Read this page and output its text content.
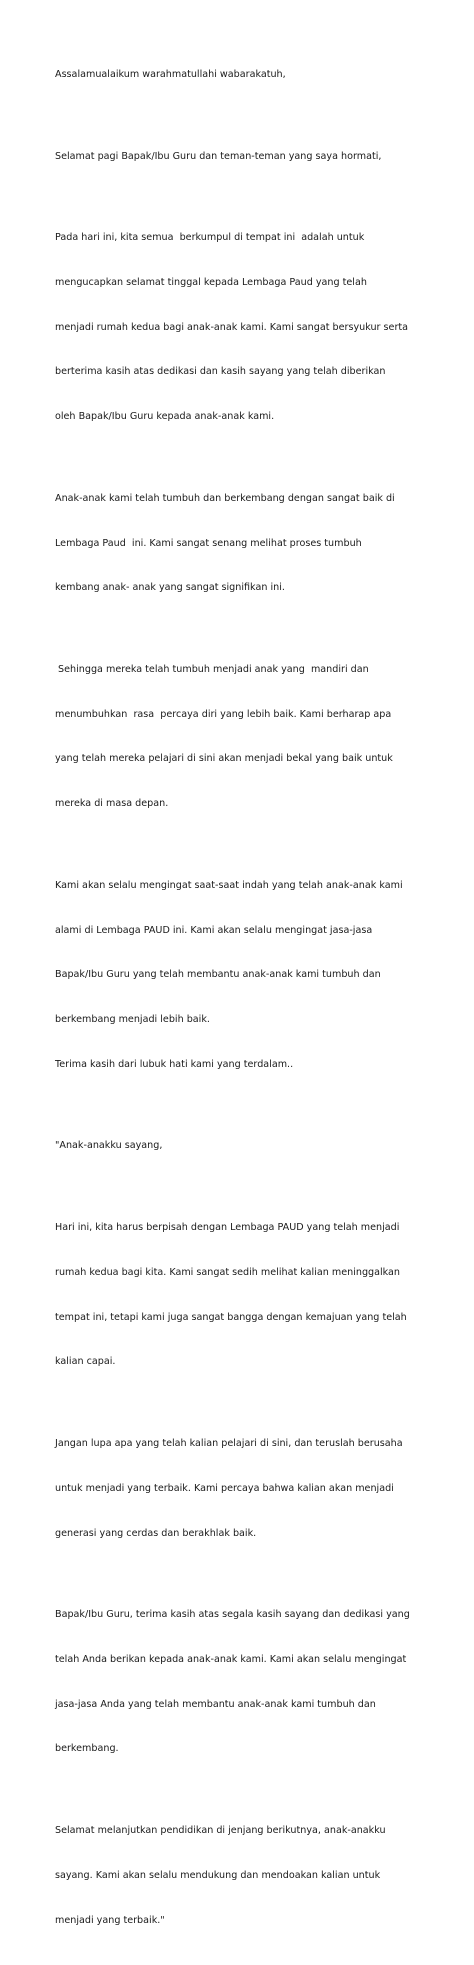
Assalamualaikum warahmatullahi wabarakatuh,

Selamat pagi Bapak/Ibu Guru dan teman-teman yang saya hormati,

Pada hari ini, kita semua  berkumpul di tempat ini  adalah untuk

mengucapkan selamat tinggal kepada Lembaga Paud yang telah

menjadi rumah kedua bagi anak-anak kami. Kami sangat bersyukur serta

berterima kasih atas dedikasi dan kasih sayang yang telah diberikan

oleh Bapak/Ibu Guru kepada anak-anak kami.

Anak-anak kami telah tumbuh dan berkembang dengan sangat baik di

Lembaga Paud  ini. Kami sangat senang melihat proses tumbuh

kembang anak- anak yang sangat signifikan ini.

Sehingga mereka telah tumbuh menjadi anak yang  mandiri dan

menumbuhkan  rasa  percaya diri yang lebih baik. Kami berharap apa

yang telah mereka pelajari di sini akan menjadi bekal yang baik untuk

mereka di masa depan.

Kami akan selalu mengingat saat-saat indah yang telah anak-anak kami

alami di Lembaga PAUD ini. Kami akan selalu mengingat jasa-jasa

Bapak/Ibu Guru yang telah membantu anak-anak kami tumbuh dan

berkembang menjadi lebih baik.

Terima kasih dari lubuk hati kami yang terdalam..

"Anak-anakku sayang,

Hari ini, kita harus berpisah dengan Lembaga PAUD yang telah menjadi

rumah kedua bagi kita. Kami sangat sedih melihat kalian meninggalkan

tempat ini, tetapi kami juga sangat bangga dengan kemajuan yang telah

kalian capai.

Jangan lupa apa yang telah kalian pelajari di sini, dan teruslah berusaha

untuk menjadi yang terbaik. Kami percaya bahwa kalian akan menjadi

generasi yang cerdas dan berakhlak baik.

Bapak/Ibu Guru, terima kasih atas segala kasih sayang dan dedikasi yang

telah Anda berikan kepada anak-anak kami. Kami akan selalu mengingat

jasa-jasa Anda yang telah membantu anak-anak kami tumbuh dan

berkembang.

Selamat melanjutkan pendidikan di jenjang berikutnya, anak-anakku

sayang. Kami akan selalu mendukung dan mendoakan kalian untuk

menjadi yang terbaik."
